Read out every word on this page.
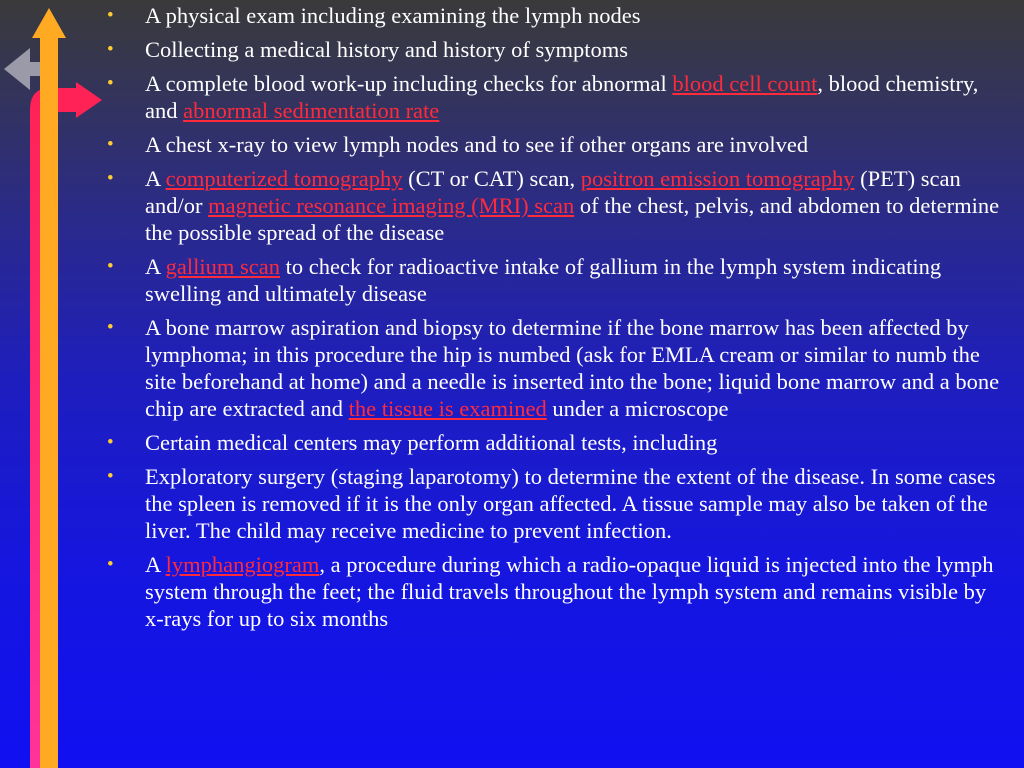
• A physical exam including examining the lymph nodes
• Collecting a medical history and history of symptoms
• A complete blood work-up including checks for abnormal blood cell count, blood chemistry, and abnormal sedimentation rate
• A chest x-ray to view lymph nodes and to see if other organs are involved
• A computerized tomography (CT or CAT) scan, positron emission tomography (PET) scan and/or magnetic resonance imaging (MRI) scan of the chest, pelvis, and abdomen to determine the possible spread of the disease
• A gallium scan to check for radioactive intake of gallium in the lymph system indicating swelling and ultimately disease
• A bone marrow aspiration and biopsy to determine if the bone marrow has been affected by lymphoma; in this procedure the hip is numbed (ask for EMLA cream or similar to numb the site beforehand at home) and a needle is inserted into the bone; liquid bone marrow and a bone chip are extracted and the tissue is examined under a microscope
• Certain medical centers may perform additional tests, including
• Exploratory surgery (staging laparotomy) to determine the extent of the disease. In some cases the spleen is removed if it is the only organ affected. A tissue sample may also be taken of the liver. The child may receive medicine to prevent infection.
• A lymphangiogram, a procedure during which a radio-opaque liquid is injected into the lymph system through the feet; the fluid travels throughout the lymph system and remains visible by x-rays for up to six months
